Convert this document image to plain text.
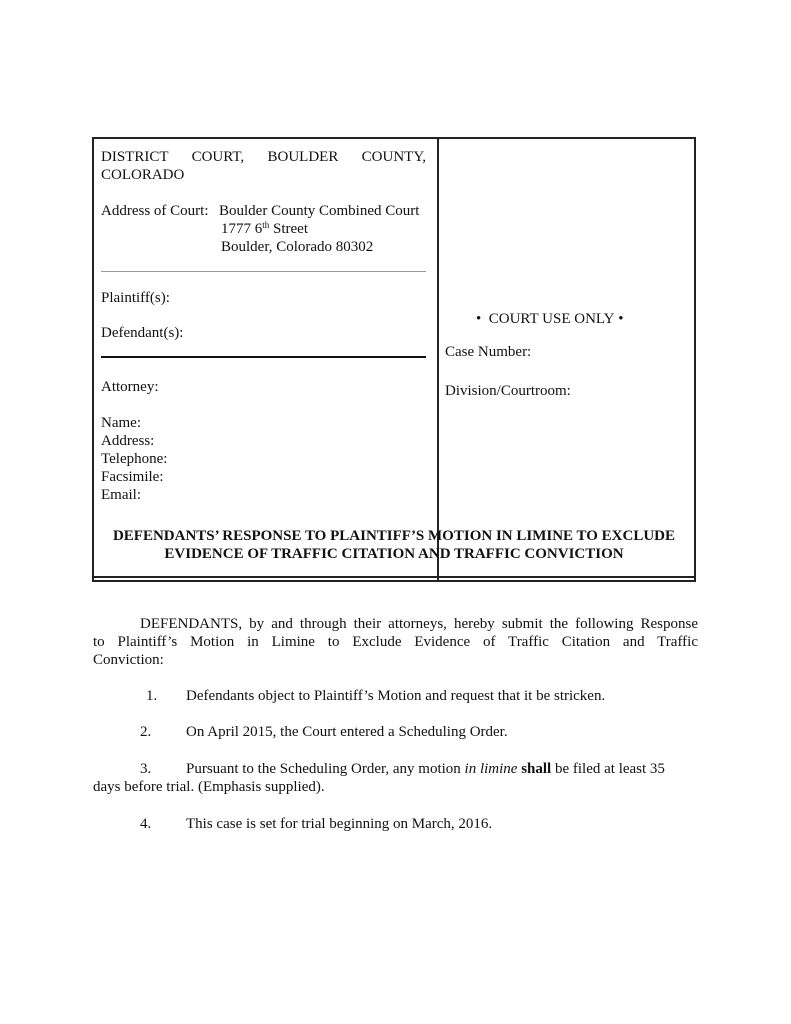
DISTRICT COURT, BOULDER COUNTY,
COLORADO
Address of Court: Boulder County Combined Court
1777 6th Street
Boulder, Colorado 80302
Plaintiff(s):
Defendant(s):
Attorney:
Name:
Address:
Telephone:
Facsimile:
Email:
• COURT USE ONLY •
Case Number:
Division/Courtroom:
DEFENDANTS’ RESPONSE TO PLAINTIFF’S MOTION IN LIMINE TO EXCLUDE
EVIDENCE OF TRAFFIC CITATION AND TRAFFIC CONVICTION
DEFENDANTS, by and through their attorneys, hereby submit the following Response
to Plaintiff’s Motion in Limine to Exclude Evidence of Traffic Citation and Traffic
Conviction:
1. Defendants object to Plaintiff’s Motion and request that it be stricken.
2. On April 2015, the Court entered a Scheduling Order.
3. Pursuant to the Scheduling Order, any motion in limine shall be filed at least 35
days before trial. (Emphasis supplied).
4. This case is set for trial beginning on March, 2016.
